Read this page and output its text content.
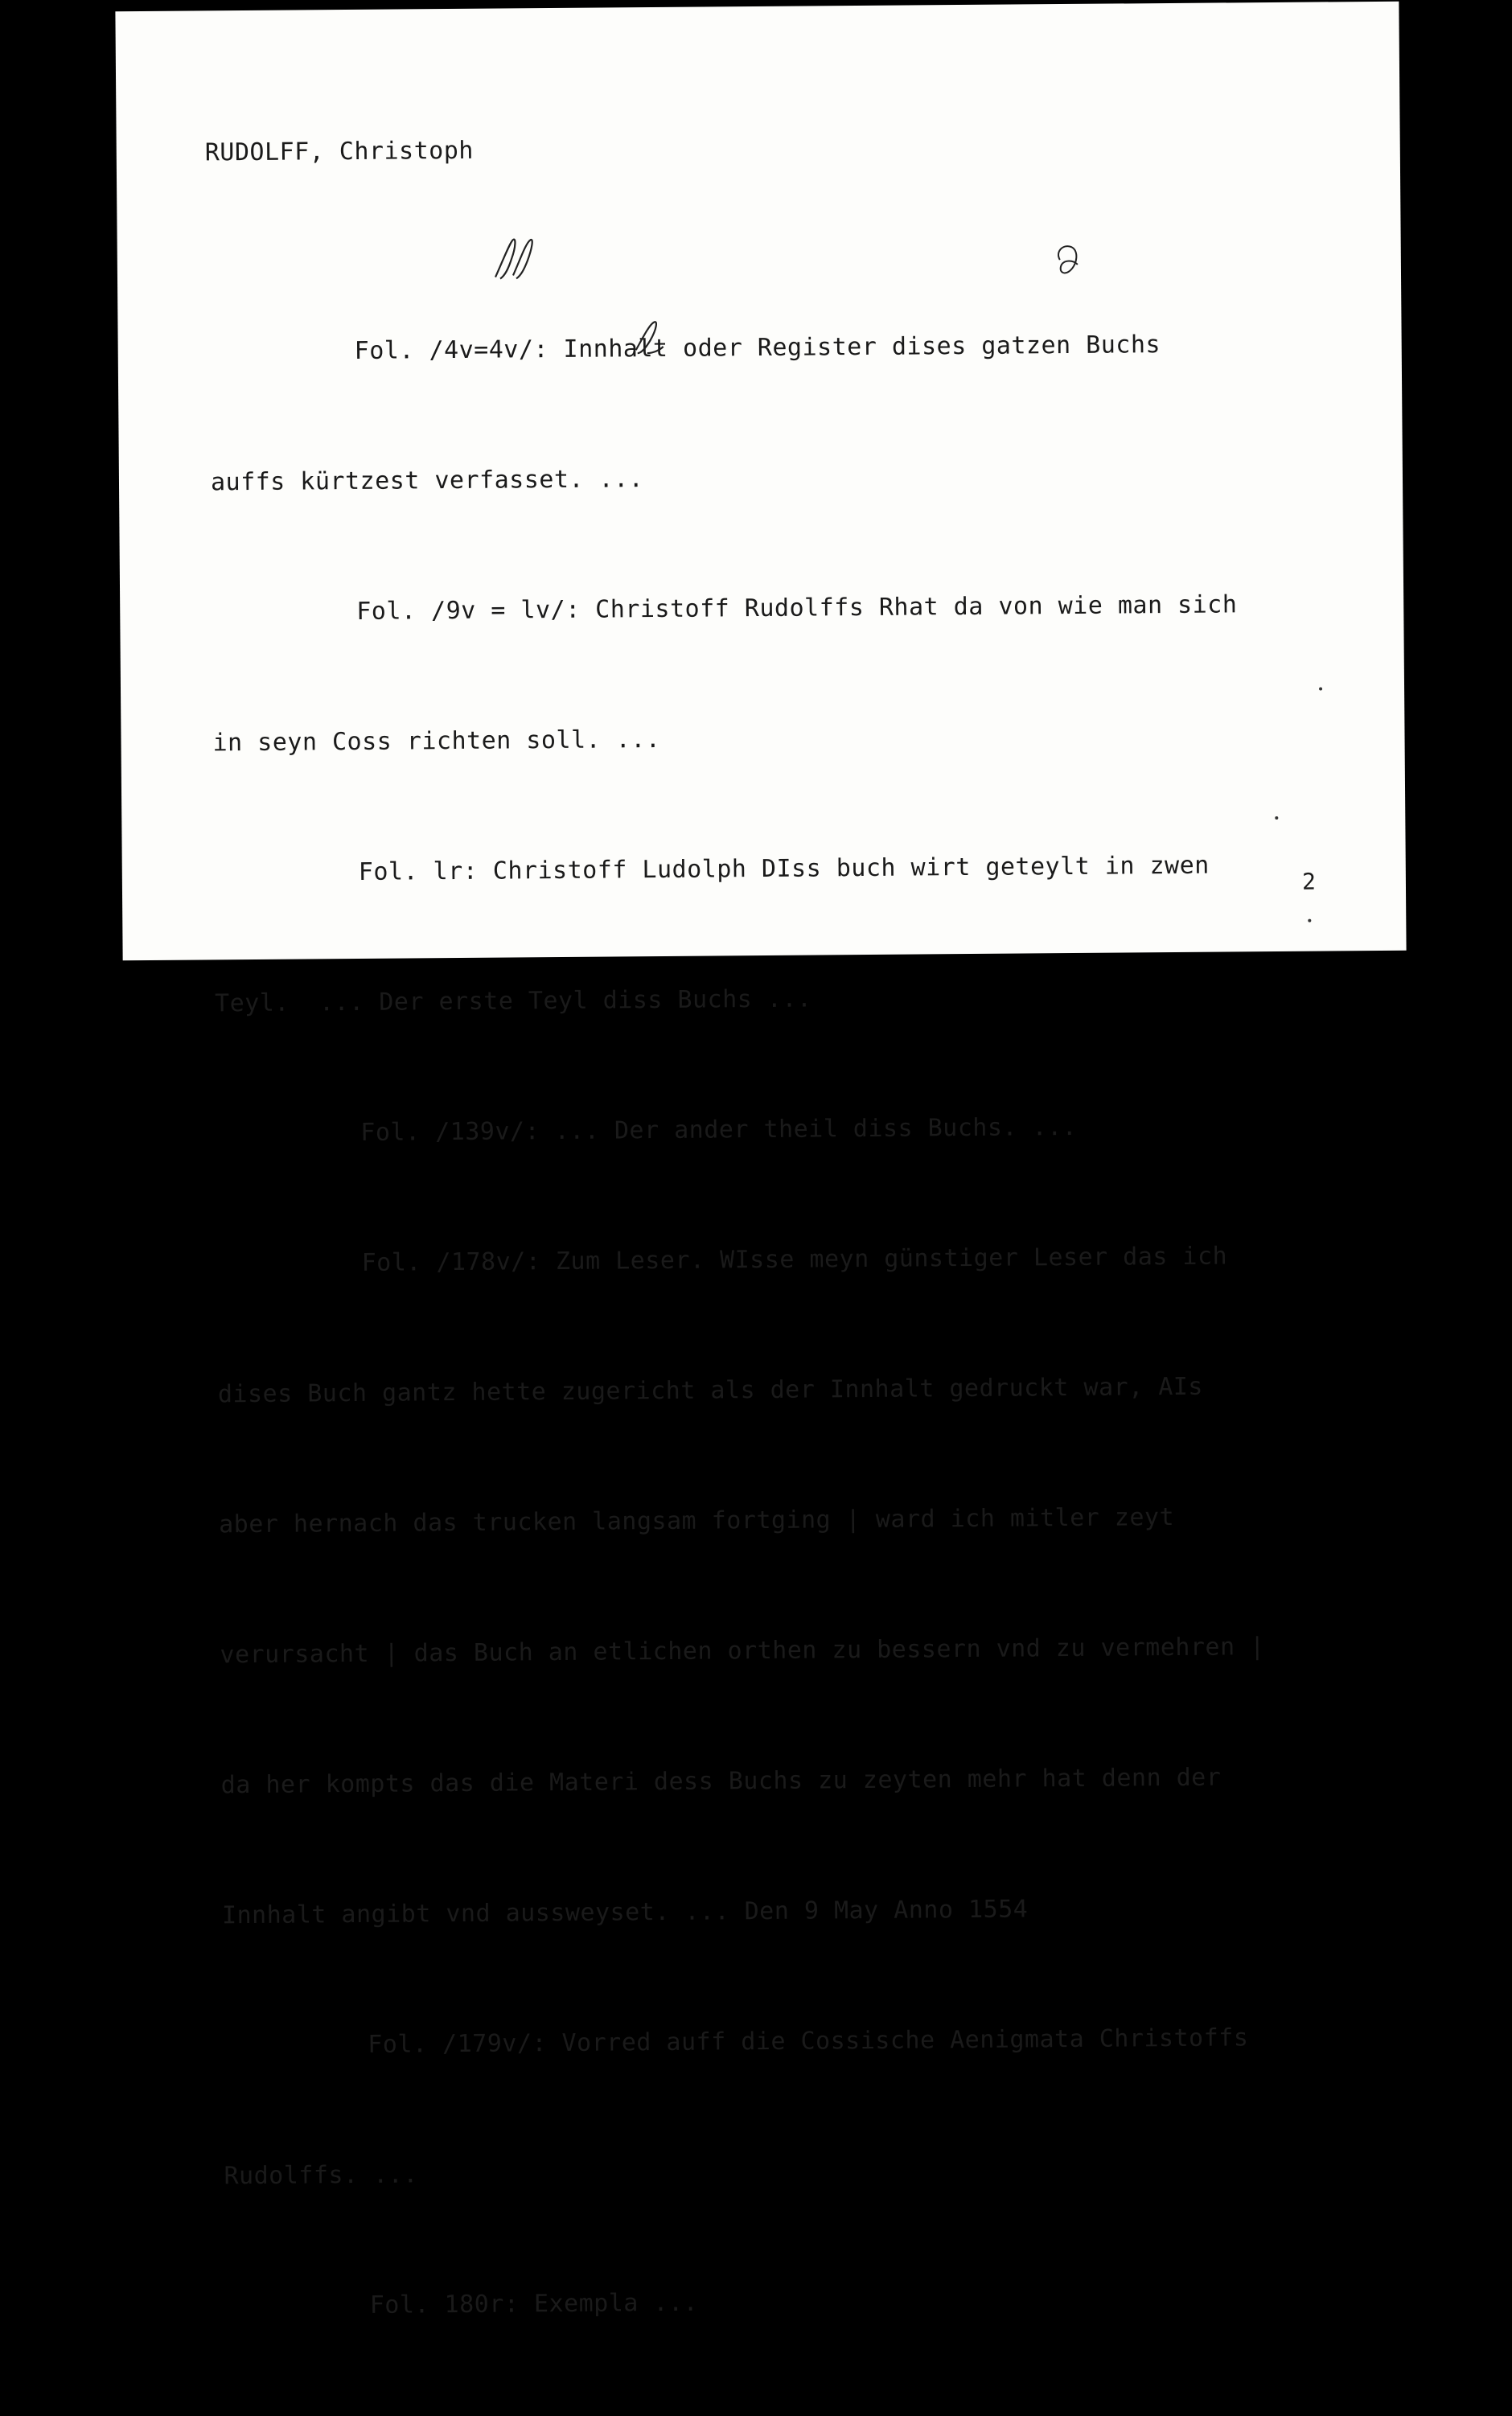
RUDOLFF, Christoph

Fol. /4v=4v/: Innhalt oder Register dises gatzen Buchs

auffs kürtzest verfasset. ...

Fol. /9v = lv/: Christoff Rudolffs Rhat da von wie man sich

in seyn Coss richten soll. ...

Fol. lr: Christoff Ludolph DIss buch wirt geteylt in zwen

Teyl.  ... Der erste Teyl diss Buchs ...

Fol. /139v/: ... Der ander theil diss Buchs. ...

Fol. /178v/: Zum Leser. WIsse meyn günstiger Leser das ich

dises Buch gantz hette zugericht als der Innhalt gedruckt war, AIs

aber hernach das trucken langsam fortging | ward ich mitler zeyt

verursacht | das Buch an etlichen orthen zu bessern vnd zu vermehren |

da her kompts das die Materi dess Buchs zu zeyten mehr hat denn der

Innhalt angibt vnd aussweyset. ... Den 9 May Anno 1554

Fol. /179v/: Vorred auff die Cossische Aenigmata Christoffs

Rudolffs. ...

Fol. 180r: Exempla ...

2
